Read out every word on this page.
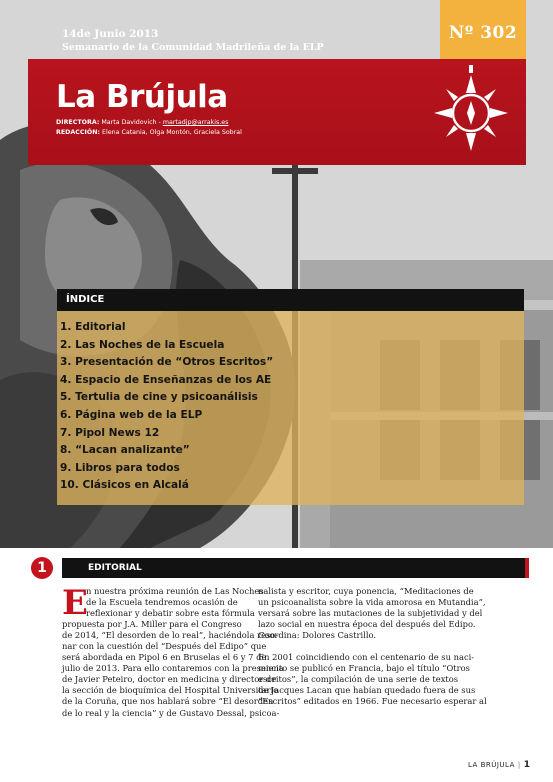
Nº 302
14de Junio 2013
Semanario de la Comunidad Madrileña de la ELP
La Brújula
DIRECTORA: Marta Davidovich - martadjp@arrakis.es
REDACCIÓN: Elena Catania, Olga Montón, Graciela Sobral
ÍNDICE
1. Editorial
2. Las Noches de la Escuela
3. Presentación de “Otros Escritos”
4. Espacio de Enseñanzas de los AE
5. Tertulia de cine y psicoanálisis
6. Página web de la ELP
7. Pipol News 12
8. “Lacan analizante”
9. Libros para todos
10. Clásicos en Alcalá
1	EDITORIAL
E
n nuestra próxima reunión de Las Noches
de la Escuela tendremos ocasión de
reflexionar y debatir sobre esta fórmula
propuesta por J.A. Miller para el Congreso
de 2014, “El desorden de lo real”, haciéndola reso-
nar con la cuestión del “Después del Edipo” que
será abordada en Pipol 6 en Bruselas el 6 y 7 de
julio de 2013. Para ello contaremos con la presencia
de Javier Peteiro, doctor en medicina y director de
la sección de bioquímica del Hospital Universitario
de la Coruña, que nos hablará sobre “El desorden
de lo real y la ciencia” y de Gustavo Dessal, psicoa-
nalista y escritor, cuya ponencia, “Meditaciones de
un psicoanalista sobre la vida amorosa en Mutandia”,
versará sobre las mutaciones de la subjetividad y del
lazo social en nuestra época del después del Edipo.
Coordina: Dolores Castrillo.
En 2001 coincidiendo con el centenario de su naci-
miento se publicó en Francia, bajo el título “Otros
escritos”, la compilación de una serie de textos
de Jacques Lacan que habían quedado fuera de sus
“Escritos” editados en 1966. Fue necesario esperar al
LA BRÚJULA | 1
